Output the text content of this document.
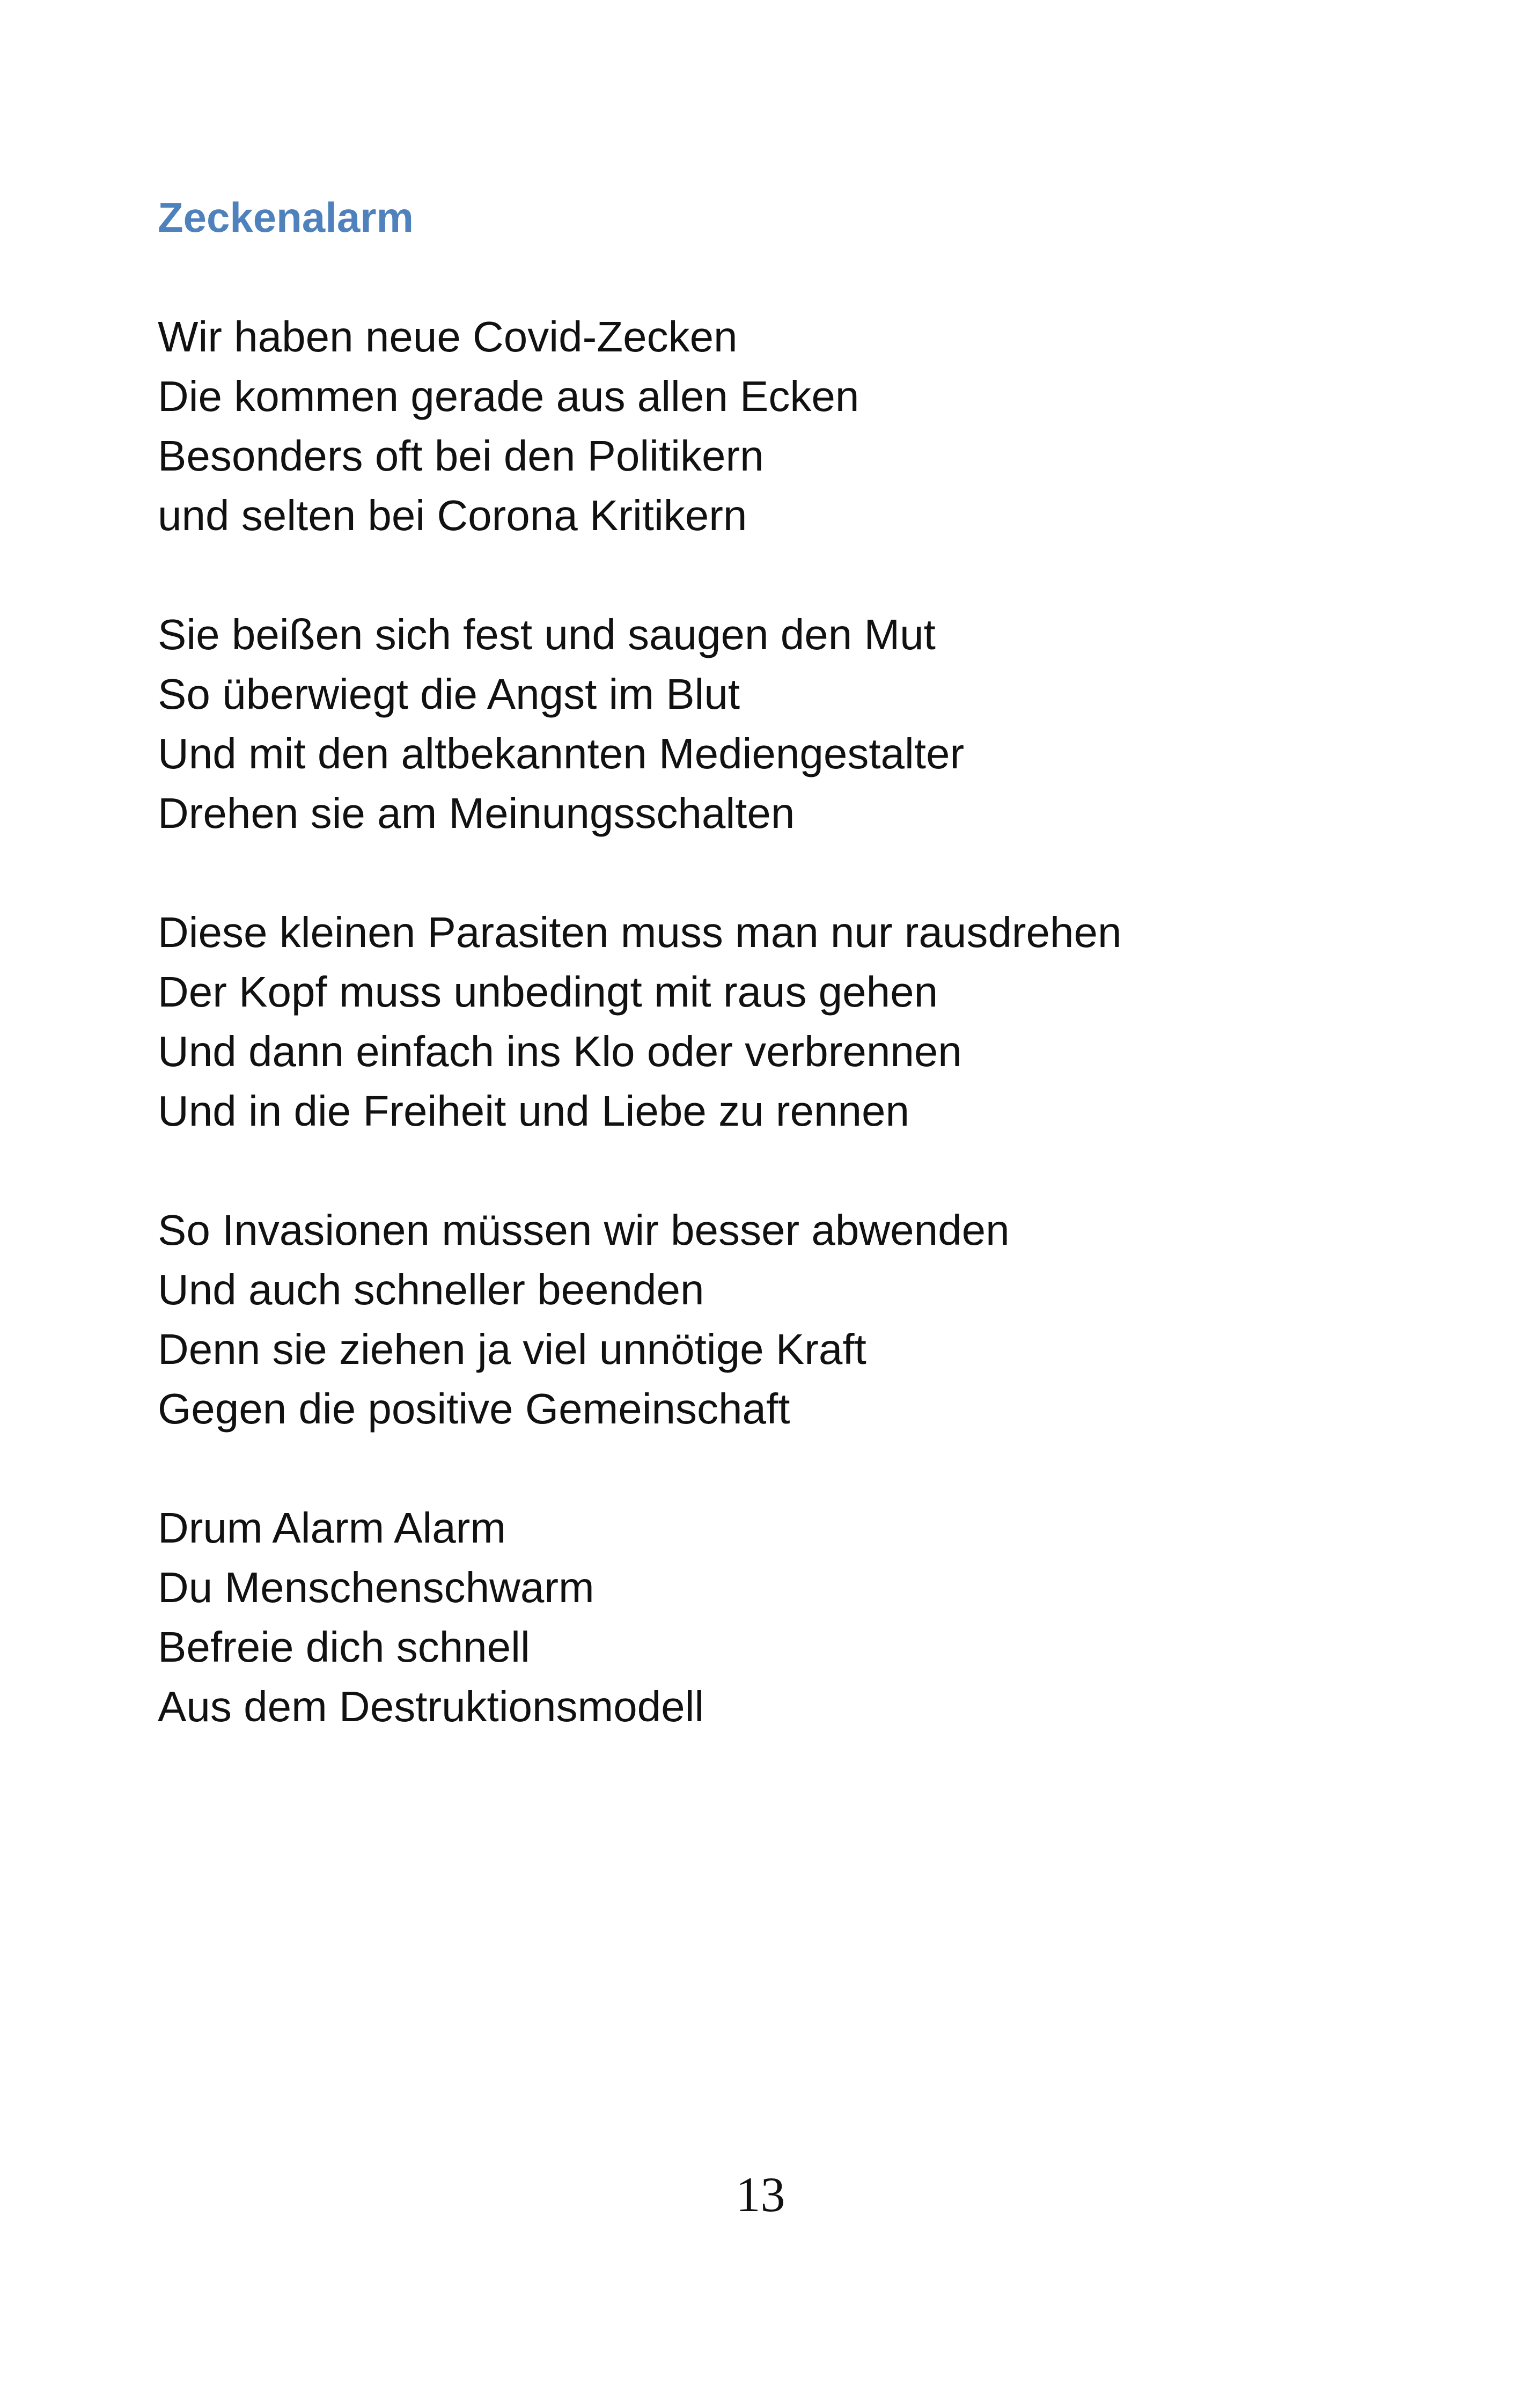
Zeckenalarm
Wir haben neue Covid-Zecken
Die kommen gerade aus allen Ecken
Besonders oft bei den Politikern
und selten bei Corona Kritikern
Sie beißen sich fest und saugen den Mut
So überwiegt die Angst im Blut
Und mit den altbekannten Mediengestalter
Drehen sie am Meinungsschalten
Diese kleinen Parasiten muss man nur rausdrehen
Der Kopf muss unbedingt mit raus gehen
Und dann einfach ins Klo oder verbrennen
Und in die Freiheit und Liebe zu rennen
So Invasionen müssen wir besser abwenden
Und auch schneller beenden
Denn sie ziehen ja viel unnötige Kraft
Gegen die positive Gemeinschaft
Drum Alarm Alarm
Du Menschenschwarm
Befreie dich schnell
Aus dem Destruktionsmodell
13
